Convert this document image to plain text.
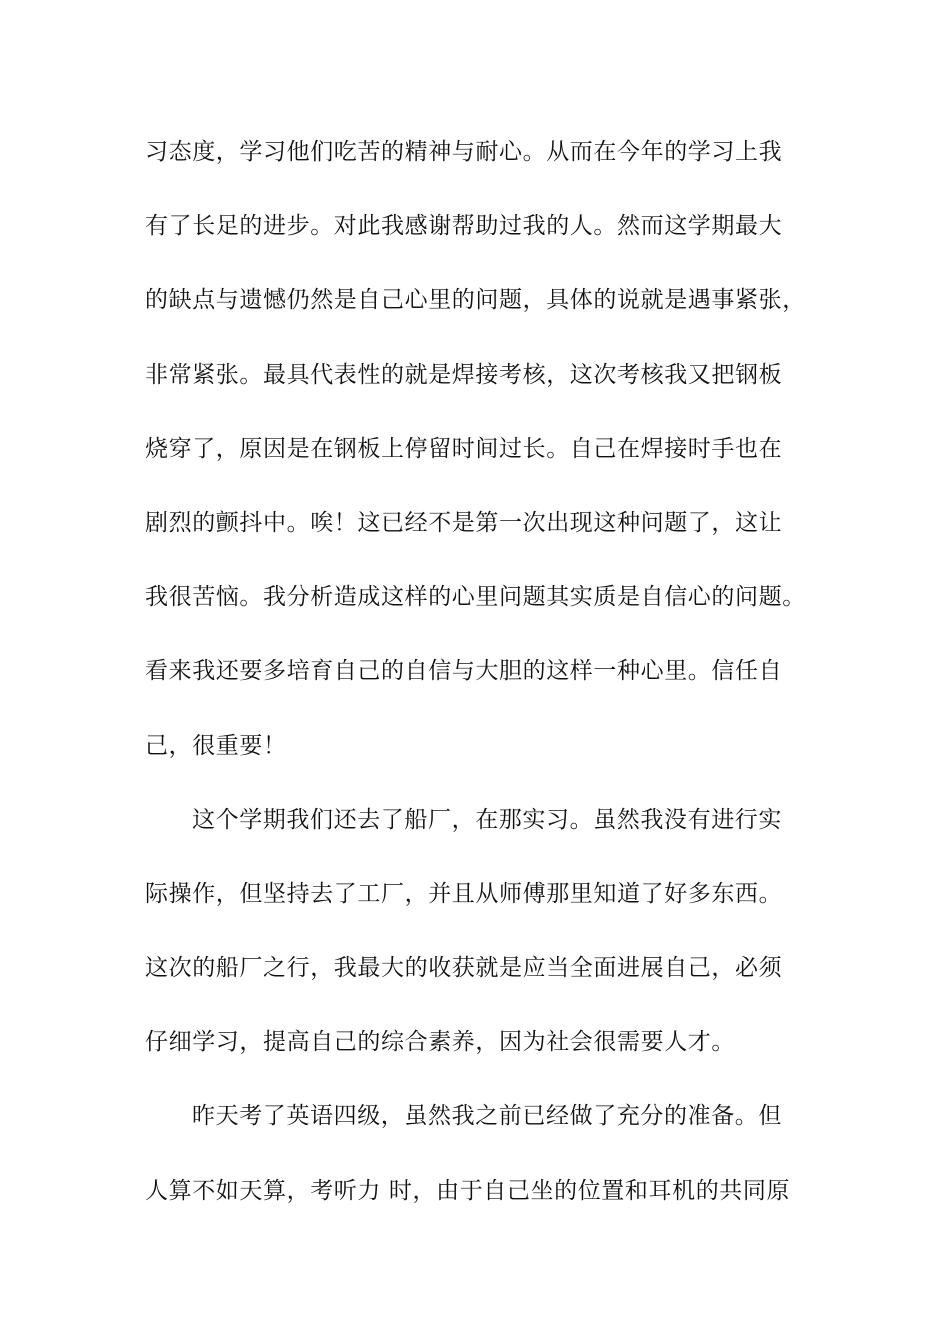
习态度，学习他们吃苦的精神与耐心。从而在今年的学习上我
有了长足的进步。对此我感谢帮助过我的人。然而这学期最大
的缺点与遗憾仍然是自己心里的问题，具体的说就是遇事紧张，
非常紧张。最具代表性的就是焊接考核，这次考核我又把钢板
烧穿了，原因是在钢板上停留时间过长。自己在焊接时手也在
剧烈的颤抖中。唉！这已经不是第一次出现这种问题了，这让
我很苦恼。我分析造成这样的心里问题其实质是自信心的问题。
看来我还要多培育自己的自信与大胆的这样一种心里。信任自
己，很重要！
这个学期我们还去了船厂，在那实习。虽然我没有进行实
际操作，但坚持去了工厂，并且从师傅那里知道了好多东西。
这次的船厂之行，我最大的收获就是应当全面进展自己，必须
仔细学习，提高自己的综合素养，因为社会很需要人才。
昨天考了英语四级，虽然我之前已经做了充分的准备。但
人算不如天算，考听力 时，由于自己坐的位置和耳机的共同原
